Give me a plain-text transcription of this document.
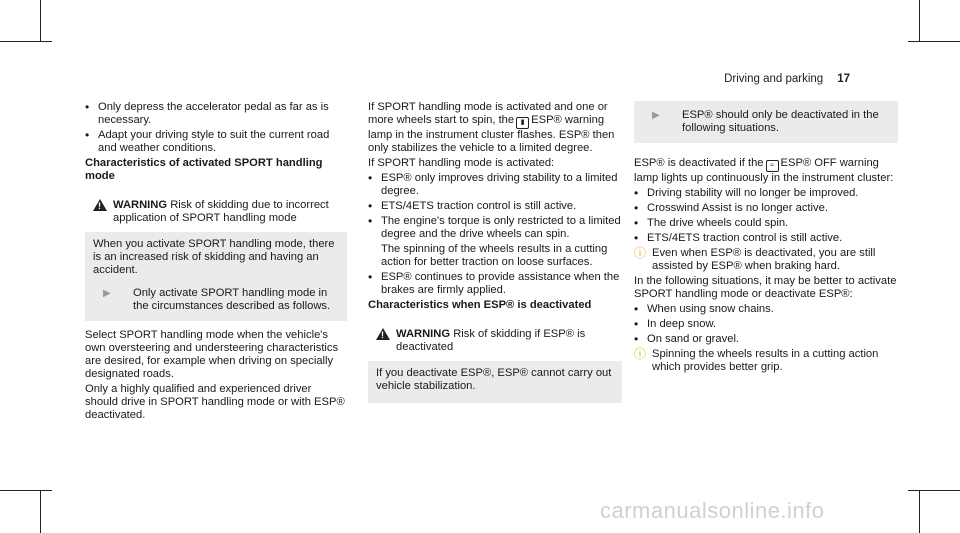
Driving and parking 17
• Only depress the accelerator pedal as far as is necessary.
• Adapt your driving style to suit the current road and weather conditions.

Characteristics of activated SPORT handling mode

!
WARNING Risk of skidding due to incorrect application of SPORT handling mode

When you activate SPORT handling mode, there is an increased risk of skidding and having an accident.

▶	Only activate SPORT handling mode in the circumstances described as follows.

Select SPORT handling mode when the vehicle's own oversteering and understeering characteristics are desired, for example when driving on specially designated roads.

Only a highly qualified and experienced driver should drive in SPORT handling mode or with ESP® deactivated.

If SPORT handling mode is activated and one or more wheels start to spin, the ▮ ESP® warning lamp in the instrument cluster flashes. ESP® then only stabilizes the vehicle to a limited degree.

If SPORT handling mode is activated:

• ESP® only improves driving stability to a limited degree.
• ETS/4ETS traction control is still active.
• The engine's torque is only restricted to a limited degree and the drive wheels can spin.

The spinning of the wheels results in a cutting action for better traction on loose surfaces.

• ESP® continues to provide assistance when the brakes are firmly applied.

Characteristics when ESP® is deactivated

!
WARNING Risk of skidding if ESP® is deactivated

If you deactivate ESP®, ESP® cannot carry out vehicle stabilization.

▶	ESP® should only be deactivated in the following situations.

ESP® is deactivated if the ≈ ESP® OFF warning lamp lights up continuously in the instrument cluster:

• Driving stability will no longer be improved.
• Crosswind Assist is no longer active.
• The drive wheels could spin.
• ETS/4ETS traction control is still active.
ⓘ Even when ESP® is deactivated, you are still assisted by ESP® when braking hard.

In the following situations, it may be better to activate SPORT handling mode or deactivate ESP®:

• When using snow chains.
• In deep snow.
• On sand or gravel.
ⓘ Spinning the wheels results in a cutting action which provides better grip.
carmanualsonline.info
